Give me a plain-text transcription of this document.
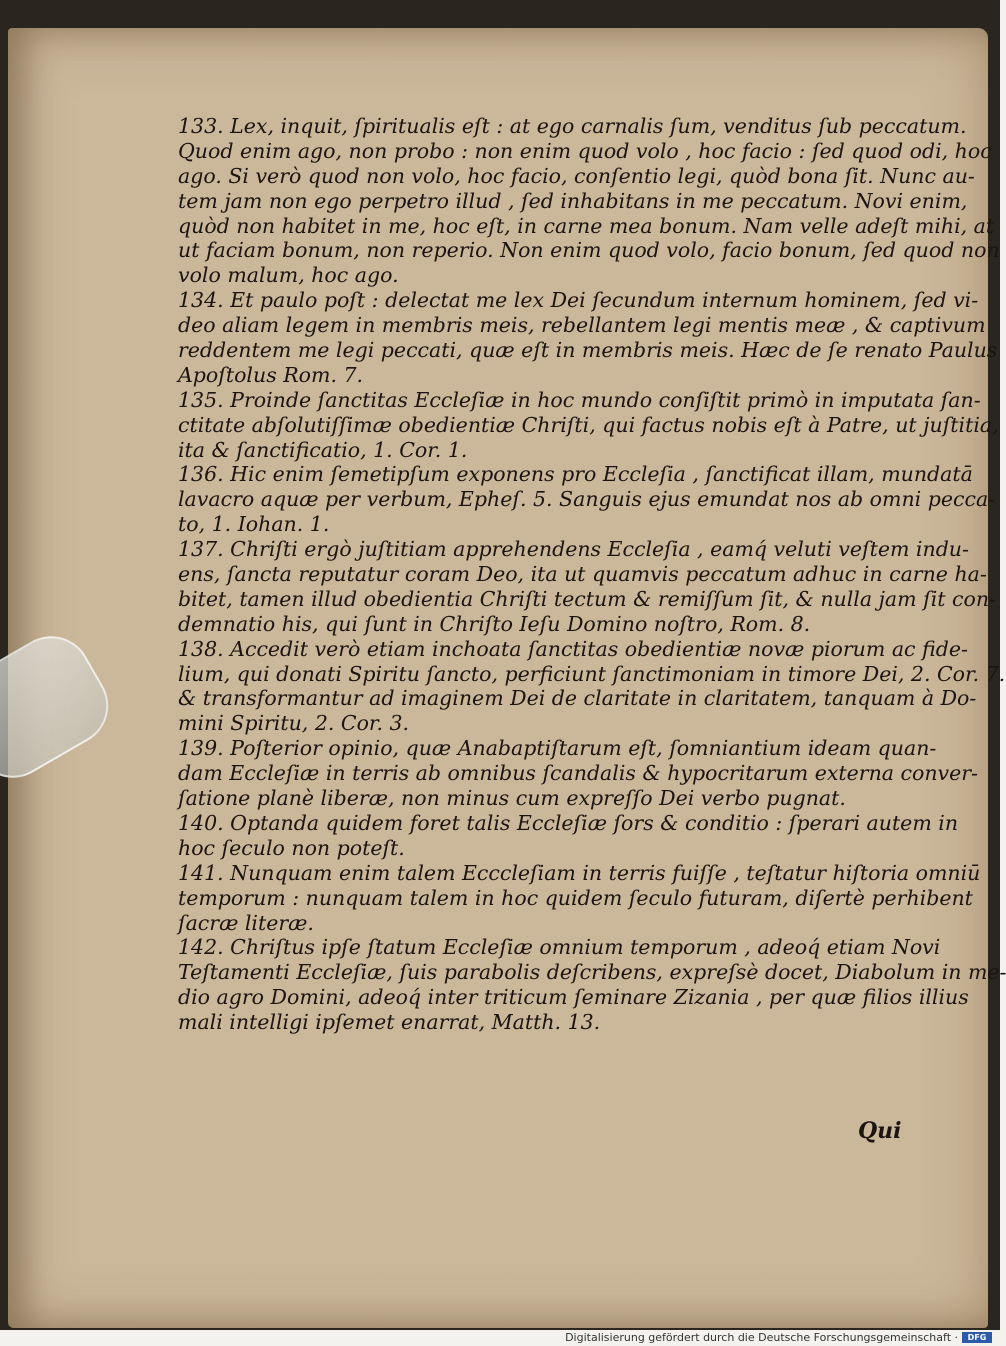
133. Lex, inquit, ſpiritualis eſt : at ego carnalis ſum, venditus ſub peccatum.
Quod enim ago, non probo : non enim quod volo , hoc facio : ſed quod odi, hoc
ago. Si verò quod non volo, hoc facio, conſentio legi, quòd bona ſit. Nunc au-
tem jam non ego perpetro illud , ſed inhabitans in me peccatum. Novi enim,
quòd non habitet in me, hoc eſt, in carne mea bonum. Nam velle adeſt mihi, at
ut faciam bonum, non reperio. Non enim quod volo, facio bonum, ſed quod non
volo malum, hoc ago.
134. Et paulo poſt : delectat me lex Dei ſecundum internum hominem, ſed vi-
deo aliam legem in membris meis, rebellantem legi mentis meæ , & captivum
reddentem me legi peccati, quæ eſt in membris meis. Hæc de ſe renato Paulus
Apoſtolus Rom. 7.
135. Proinde ſanctitas Eccleſiæ in hoc mundo conſiſtit primò in imputata ſan-
ctitate abſolutiſſimæ obedientiæ Chriſti, qui factus nobis eſt à Patre, ut juſtitia,
ita & ſanctificatio, 1. Cor. 1.
136. Hic enim ſemetipſum exponens pro Eccleſia , ſanctificat illam, mundatā
lavacro aquæ per verbum, Epheſ. 5. Sanguis ejus emundat nos ab omni pecca-
to, 1. Iohan. 1.
137. Chriſti ergò juſtitiam apprehendens Eccleſia , eamq́ veluti veſtem indu-
ens, ſancta reputatur coram Deo, ita ut quamvis peccatum adhuc in carne ha-
bitet, tamen illud obedientia Chriſti tectum & remiſſum ſit, & nulla jam ſit con-
demnatio his, qui ſunt in Chriſto Ieſu Domino noſtro, Rom. 8.
138. Accedit verò etiam inchoata ſanctitas obedientiæ novæ piorum ac fide-
lium, qui donati Spiritu ſancto, perficiunt ſanctimoniam in timore Dei, 2. Cor. 7.
& transformantur ad imaginem Dei de claritate in claritatem, tanquam à Do-
mini Spiritu, 2. Cor. 3.
139. Poſterior opinio, quæ Anabaptiſtarum eſt, ſomniantium ideam quan-
dam Eccleſiæ in terris ab omnibus ſcandalis & hypocritarum externa conver-
ſatione planè liberæ, non minus cum expreſſo Dei verbo pugnat.
140. Optanda quidem foret talis Eccleſiæ ſors & conditio : ſperari autem in
hoc ſeculo non poteſt.
141. Nunquam enim talem Ecccleſiam in terris fuiſſe , teſtatur hiſtoria omniū
temporum : nunquam talem in hoc quidem ſeculo futuram, diſertè perhibent
ſacræ literæ.
142. Chriſtus ipſe ſtatum Eccleſiæ omnium temporum , adeoq́ etiam Novi
Teſtamenti Eccleſiæ, ſuis parabolis deſcribens, expreſsè docet, Diabolum in me-
dio agro Domini, adeoq́ inter triticum ſeminare Zizania , per quæ filios illius
mali intelligi ipſemet enarrat, Matth. 13.
Qui
Digitalisierung gefördert durch die Deutsche Forschungsgemeinschaft ·	DFG
